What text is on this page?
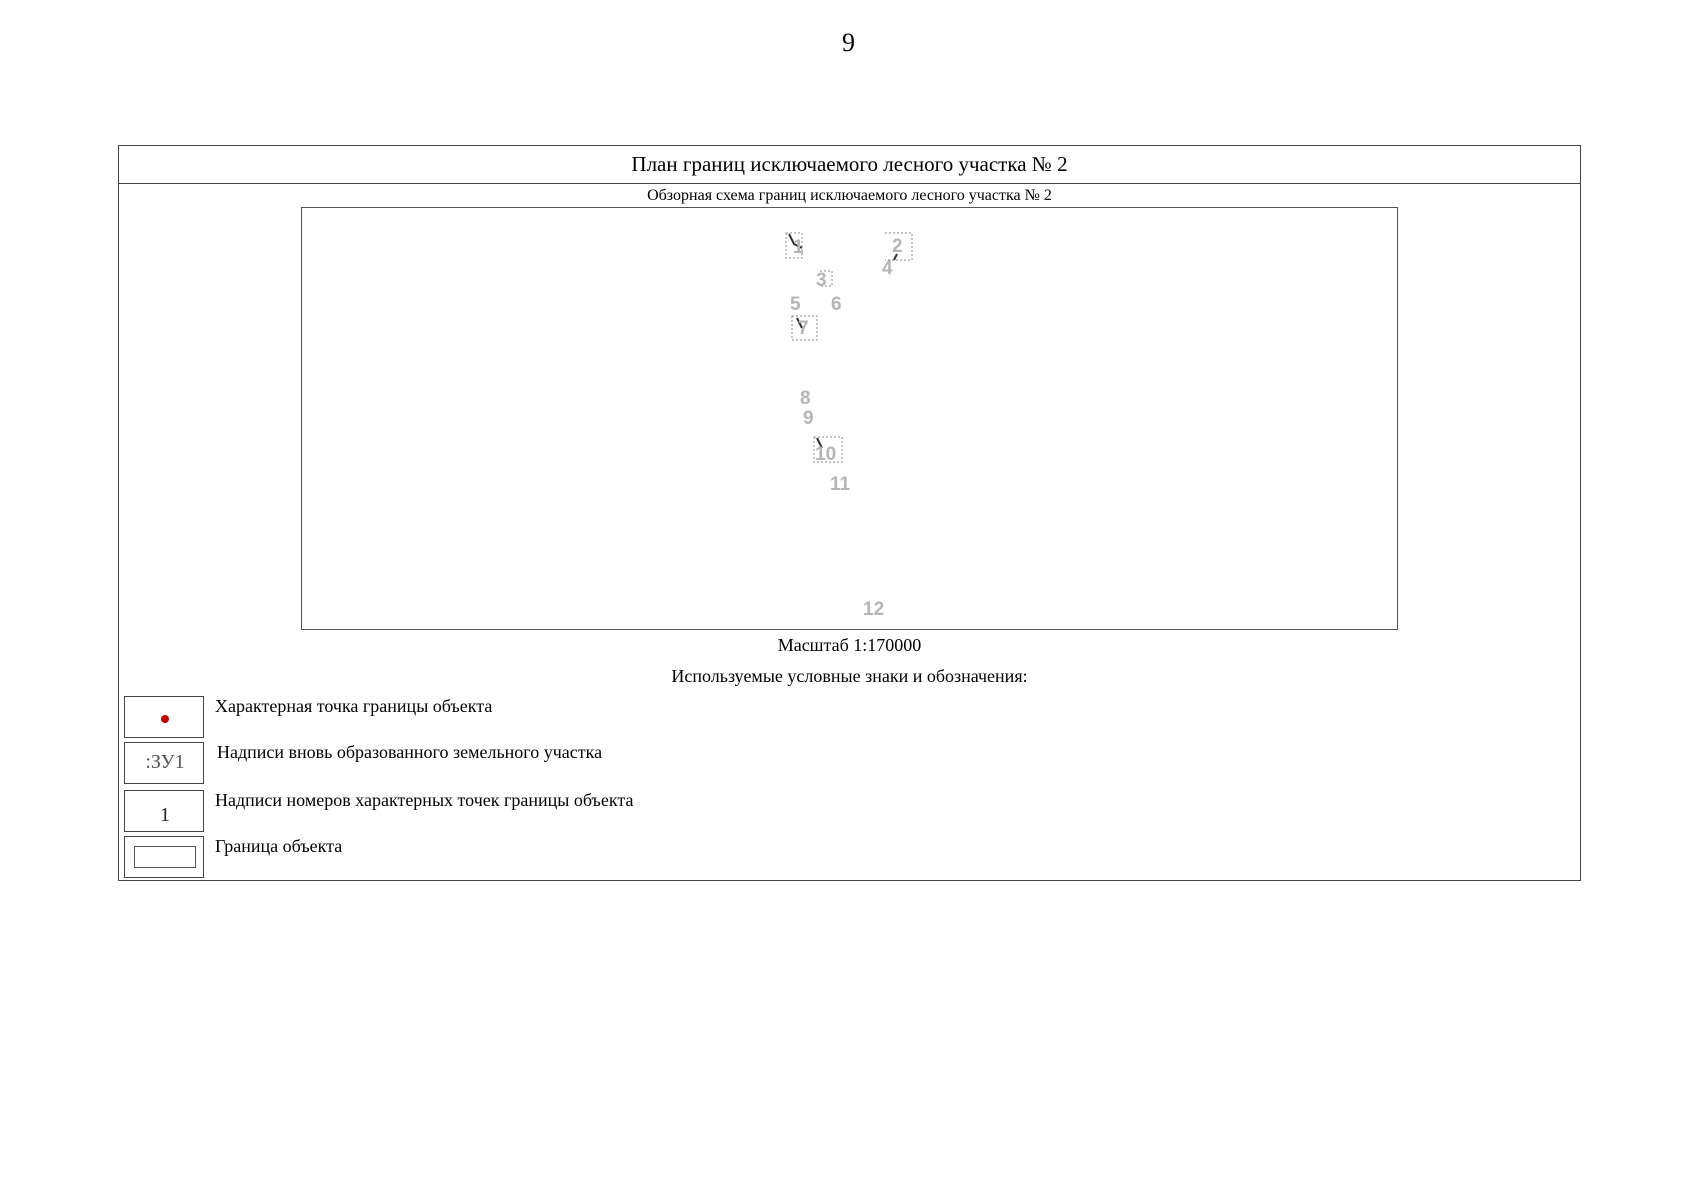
9
План границ исключаемого лесного участка № 2
Обзорная схема границ исключаемого лесного участка № 2
1	2
3
4
5 6
7
8
9
10
11
12
Масштаб 1:170000
Используемые условные знаки и обозначения:
Характерная точка границы объекта
:ЗУ1	Надписи вновь образованного земельного участка
1
Надписи номеров характерных точек границы объекта
Граница объекта
